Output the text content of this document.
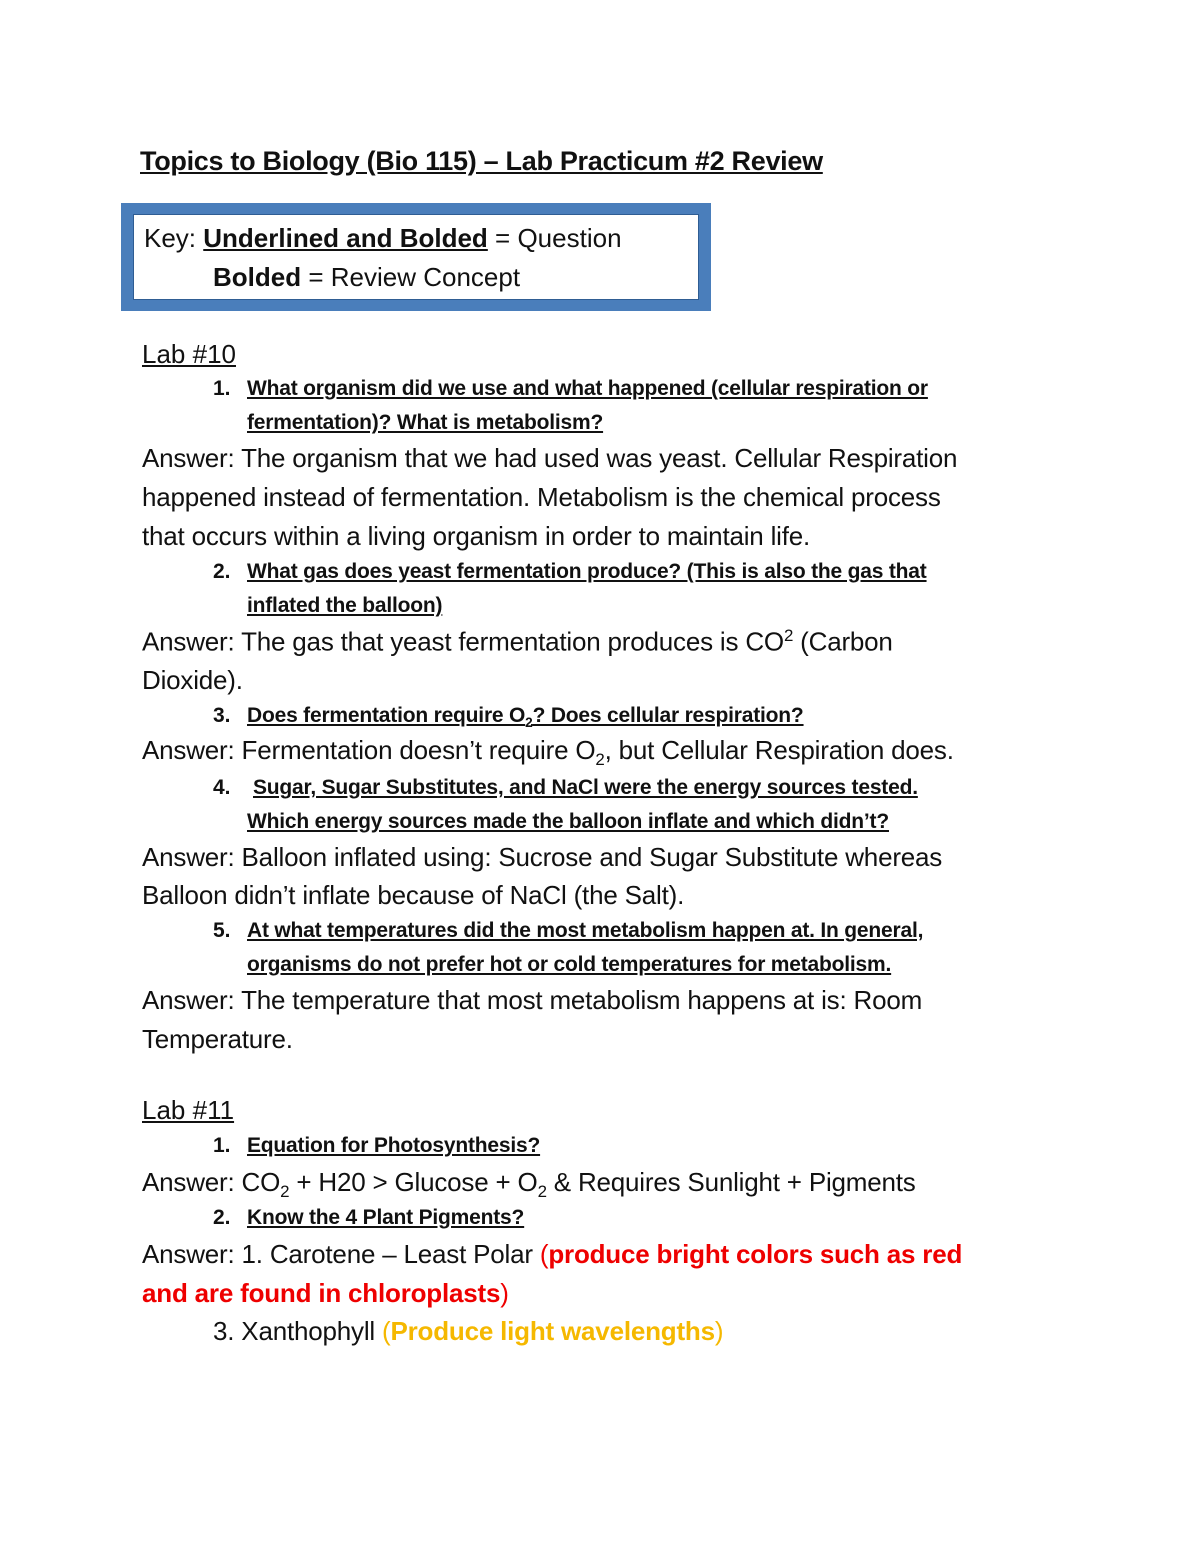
Topics to Biology (Bio 115) – Lab Practicum #2 Review
Key: Underlined and Bolded = Question
Bolded = Review Concept
Lab #10
1. What organism did we use and what happened (cellular respiration or
fermentation)? What is metabolism?
Answer: The organism that we had used was yeast. Cellular Respiration
happened instead of fermentation. Metabolism is the chemical process
that occurs within a living organism in order to maintain life.
2. What gas does yeast fermentation produce? (This is also the gas that
inflated the balloon)
Answer: The gas that yeast fermentation produces is $CO^2$ (Carbon
Dioxide).
3. Does fermentation require $O_2$? Does cellular respiration?
Answer: Fermentation doesn’t require $O_2$, but Cellular Respiration does.
4. Sugar, Sugar Substitutes, and NaCl were the energy sources tested.
Which energy sources made the balloon inflate and which didn’t?
Answer: Balloon inflated using: Sucrose and Sugar Substitute whereas
Balloon didn’t inflate because of NaCl (the Salt).
5. At what temperatures did the most metabolism happen at. In general,
organisms do not prefer hot or cold temperatures for metabolism.
Answer: The temperature that most metabolism happens at is: Room
Temperature.
Lab #11
1. Equation for Photosynthesis?
Answer: $CO_2 + H20 > Glucose + O_2$ & Requires Sunlight + Pigments
2. Know the 4 Plant Pigments?
Answer: 1. Carotene – Least Polar (produce bright colors such as red
and are found in chloroplasts)
3. Xanthophyll (Produce light wavelengths)
